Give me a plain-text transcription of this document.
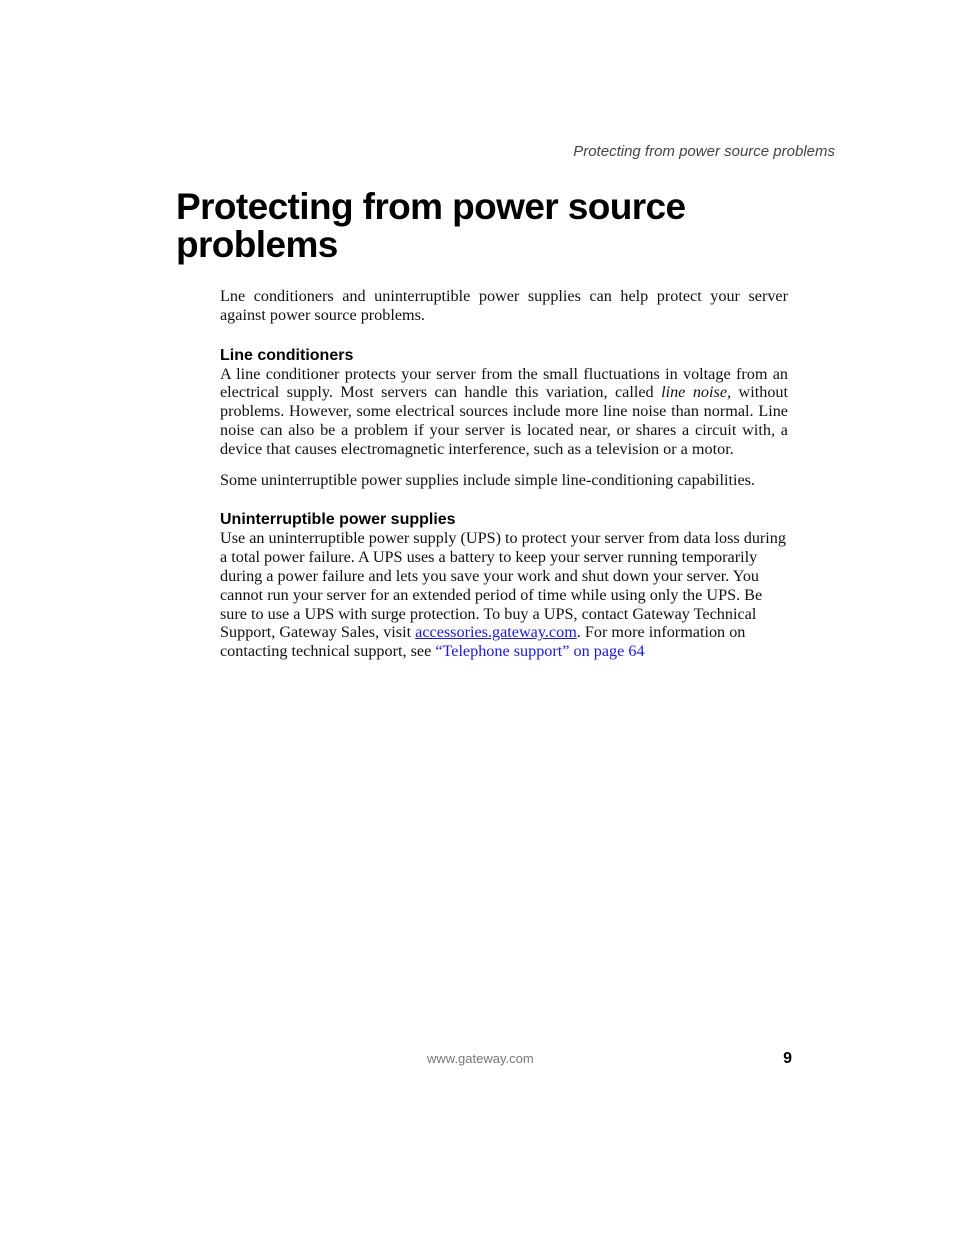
Protecting from power source problems
Protecting from power source problems

Lne conditioners and uninterruptible power supplies can help protect your server against power source problems.

Line conditioners

A line conditioner protects your server from the small fluctuations in voltage from an electrical supply. Most servers can handle this variation, called line noise, without problems. However, some electrical sources include more line noise than normal. Line noise can also be a problem if your server is located near, or shares a circuit with, a device that causes electromagnetic interference, such as a television or a motor.

Some uninterruptible power supplies include simple line-conditioning capabilities.

Uninterruptible power supplies

Use an uninterruptible power supply (UPS) to protect your server from data loss during a total power failure. A UPS uses a battery to keep your server running temporarily during a power failure and lets you save your work and shut down your server. You cannot run your server for an extended period of time while using only the UPS. Be sure to use a UPS with surge protection. To buy a UPS, contact Gateway Technical Support, Gateway Sales, visit accessories.gateway.com. For more information on contacting technical support, see “Telephone support” on page 64

www.gateway.com	9
